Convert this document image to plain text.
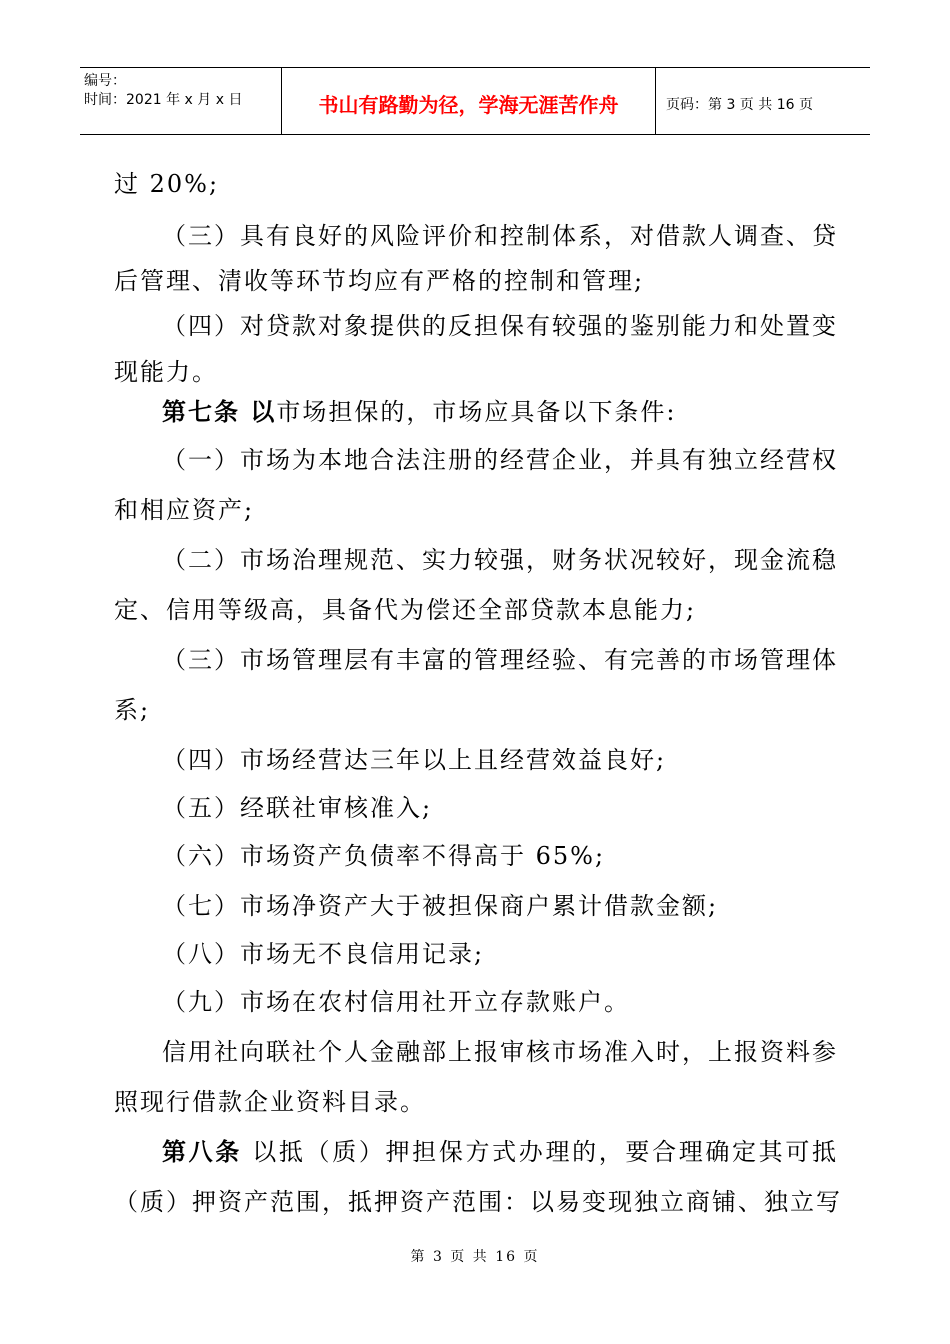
编号：
时间：2021 年 x 月 x 日	书山有路勤为径，学海无涯苦作舟	页码：第 3 页 共 16 页
过 20%;
（三）具有良好的风险评价和控制体系，对借款人调查、贷
后管理、清收等环节均应有严格的控制和管理;
（四）对贷款对象提供的反担保有较强的鉴别能力和处置变
现能力。
第七条 以市场担保的，市场应具备以下条件:
（一）市场为本地合法注册的经营企业，并具有独立经营权
和相应资产;
（二）市场治理规范、实力较强，财务状况较好，现金流稳
定、信用等级高，具备代为偿还全部贷款本息能力;
（三）市场管理层有丰富的管理经验、有完善的市场管理体
系;
（四）市场经营达三年以上且经营效益良好;
（五）经联社审核准入;
（六）市场资产负债率不得高于 65%;
（七）市场净资产大于被担保商户累计借款金额;
（八）市场无不良信用记录;
（九）市场在农村信用社开立存款账户。
信用社向联社个人金融部上报审核市场准入时，上报资料参
照现行借款企业资料目录。
第八条 以抵（质）押担保方式办理的，要合理确定其可抵
（质）押资产范围，抵押资产范围：以易变现独立商铺、独立写
第 3 页 共 16 页
